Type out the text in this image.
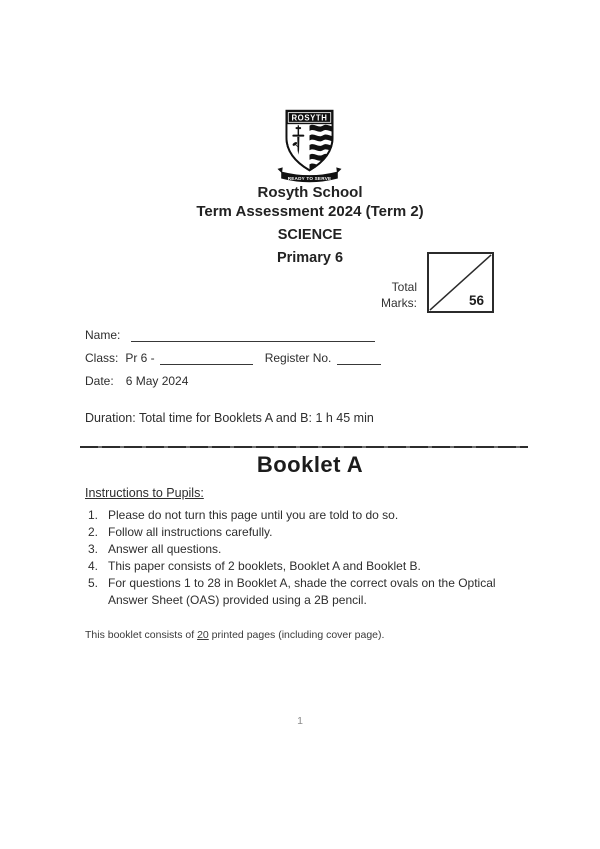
ROSYTH
READY TO SERVE
Rosyth School
Term Assessment 2024 (Term 2)
SCIENCE
Primary 6
Total
Marks:	56
Name:
Class: Pr 6 -	Register No.
Date: 6 May 2024
Duration: Total time for Booklets A and B: 1 h 45 min
Booklet A
Instructions to Pupils:
1. Please do not turn this page until you are told to do so.
2. Follow all instructions carefully.
3. Answer all questions.
4. This paper consists of 2 booklets, Booklet A and Booklet B.
5. For questions 1 to 28 in Booklet A, shade the correct ovals on the Optical Answer Sheet (OAS) provided using a 2B pencil.
This booklet consists of 20 printed pages (including cover page).
1
